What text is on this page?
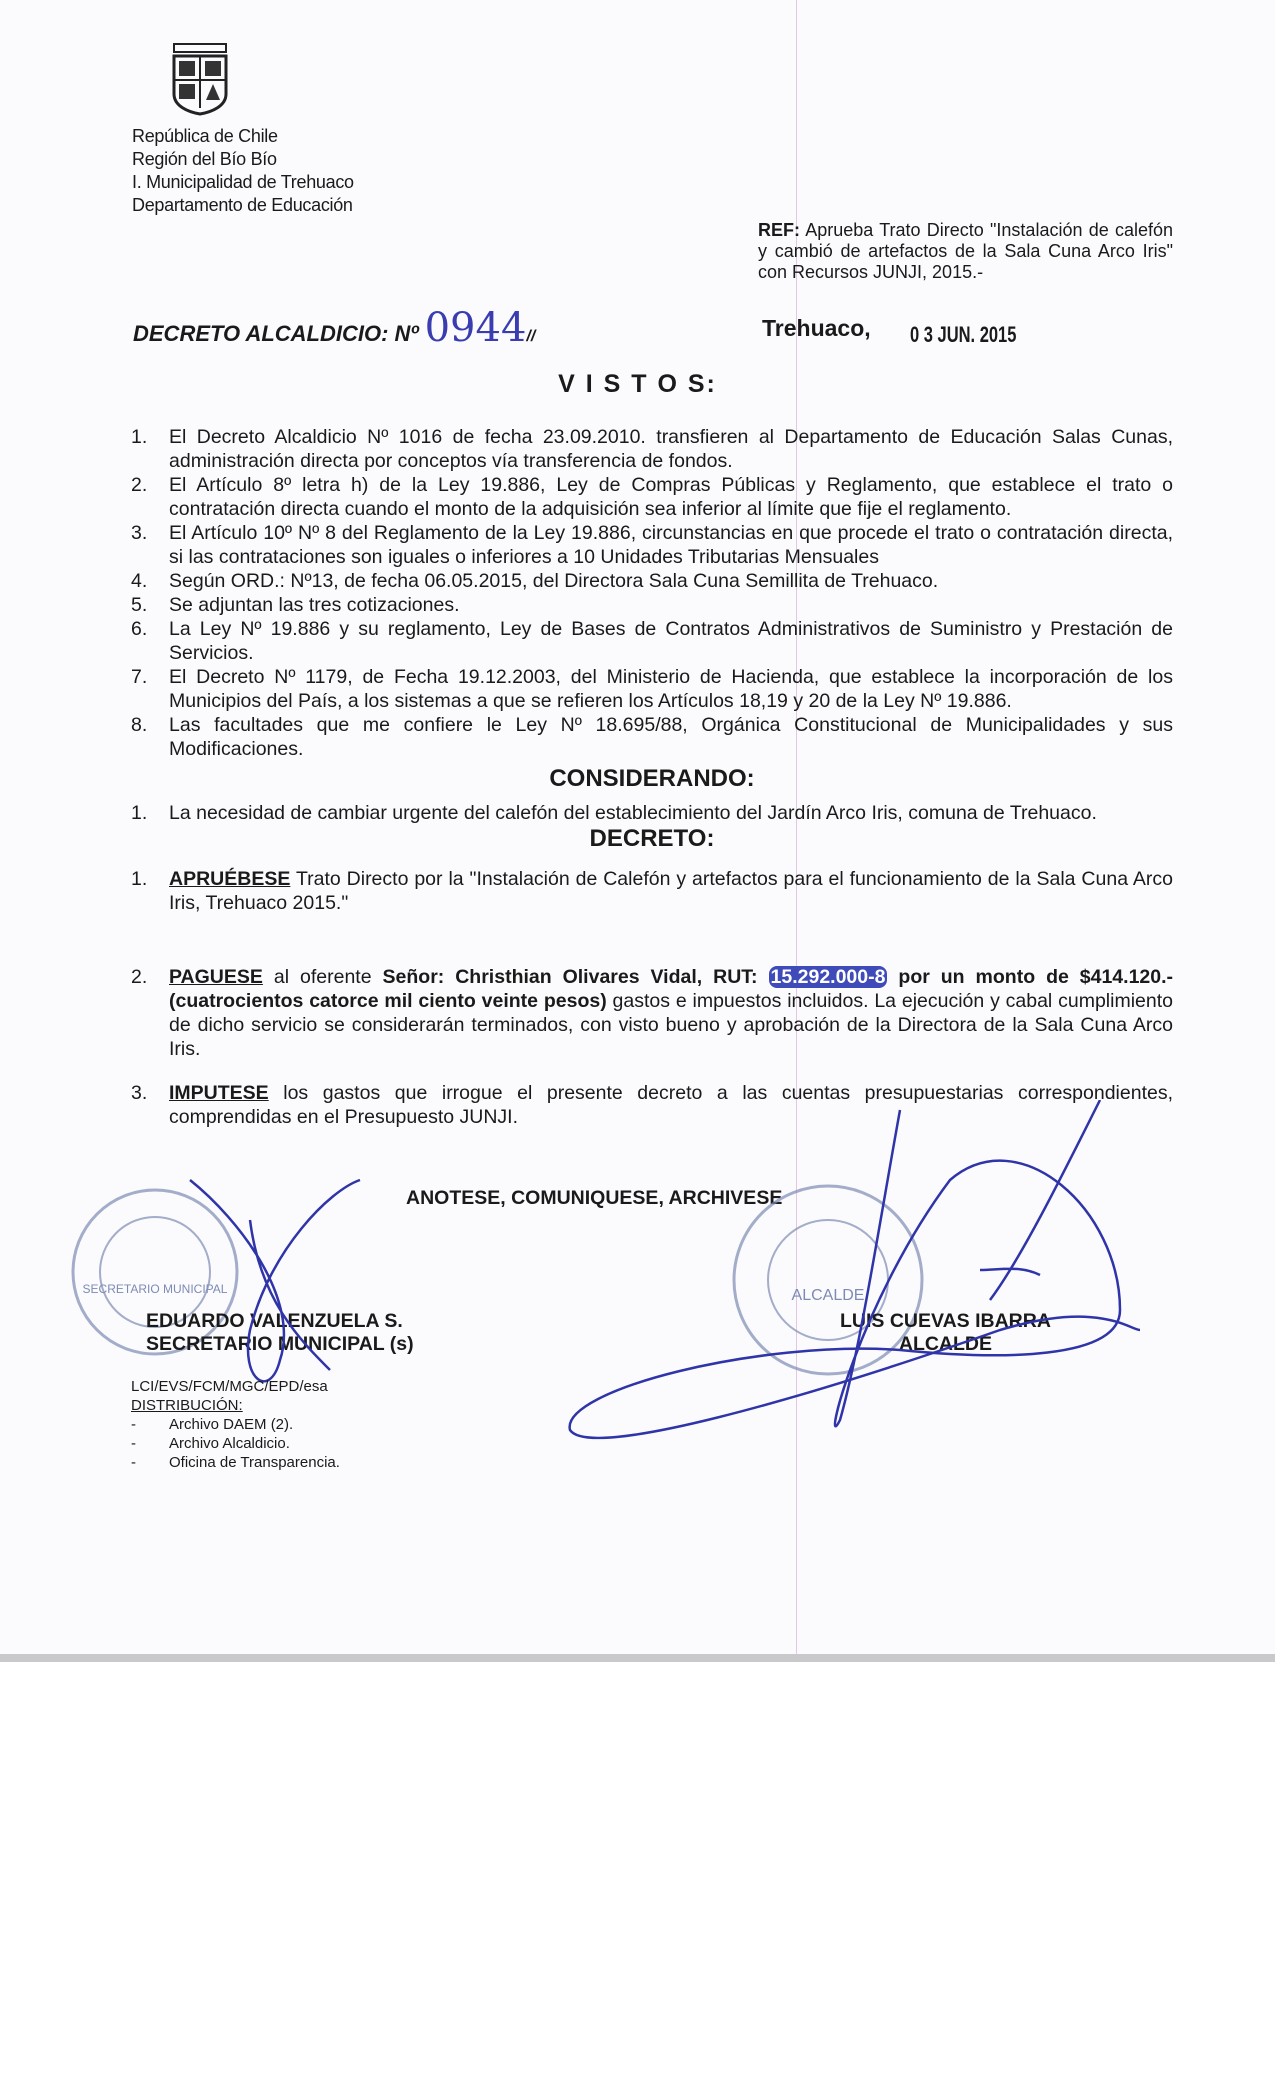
República de Chile
Región del Bío Bío
I. Municipalidad de Trehuaco
Departamento de Educación
REF: Aprueba Trato Directo "Instalación de calefón y cambió de artefactos de la Sala Cuna Arco Iris" con Recursos JUNJI, 2015.-
DECRETO ALCALDICIO: Nº 0944//	Trehuaco, 0 3 JUN. 2015
V I S T O S:
1. El Decreto Alcaldicio Nº 1016 de fecha 23.09.2010. transfieren al Departamento de Educación Salas Cunas, administración directa por conceptos vía transferencia de fondos.
2. El Artículo 8º letra h) de la Ley 19.886, Ley de Compras Públicas y Reglamento, que establece el trato o contratación directa cuando el monto de la adquisición sea inferior al límite que fije el reglamento.
3. El Artículo 10º Nº 8 del Reglamento de la Ley 19.886, circunstancias en que procede el trato o contratación directa, si las contrataciones son iguales o inferiores a 10 Unidades Tributarias Mensuales
4. Según ORD.: Nº13, de fecha 06.05.2015, del Directora Sala Cuna Semillita de Trehuaco.
5. Se adjuntan las tres cotizaciones.
6. La Ley Nº 19.886 y su reglamento, Ley de Bases de Contratos Administrativos de Suministro y Prestación de Servicios.
7. El Decreto Nº 1179, de Fecha 19.12.2003, del Ministerio de Hacienda, que establece la incorporación de los Municipios del País, a los sistemas a que se refieren los Artículos 18,19 y 20 de la Ley Nº 19.886.
8. Las facultades que me confiere le Ley Nº 18.695/88, Orgánica Constitucional de Municipalidades y sus Modificaciones.
CONSIDERANDO:
1. La necesidad de cambiar urgente del calefón del establecimiento del Jardín Arco Iris, comuna de Trehuaco.
DECRETO:
1. APRUÉBESE Trato Directo por la "Instalación de Calefón y artefactos para el funcionamiento de la Sala Cuna Arco Iris, Trehuaco 2015."
2. PAGUESE al oferente Señor: Christhian Olivares Vidal, RUT: 15.292.000-8 por un monto de $414.120.- (cuatrocientos catorce mil ciento veinte pesos) gastos e impuestos incluidos. La ejecución y cabal cumplimiento de dicho servicio se considerarán terminados, con visto bueno y aprobación de la Directora de la Sala Cuna Arco Iris.
3. IMPUTESE los gastos que irrogue el presente decreto a las cuentas presupuestarias correspondientes, comprendidas en el Presupuesto JUNJI.
ANOTESE, COMUNIQUESE, ARCHIVESE
SECRETARIO MUNICIPAL	ALCALDE
EDUARDO VALENZUELA S.
SECRETARIO MUNICIPAL (s)
LUIS CUEVAS IBARRA
ALCALDE
LCI/EVS/FCM/MGC/EPD/esa
DISTRIBUCIÓN:
- Archivo DAEM (2).
- Archivo Alcaldicio.
- Oficina de Transparencia.
